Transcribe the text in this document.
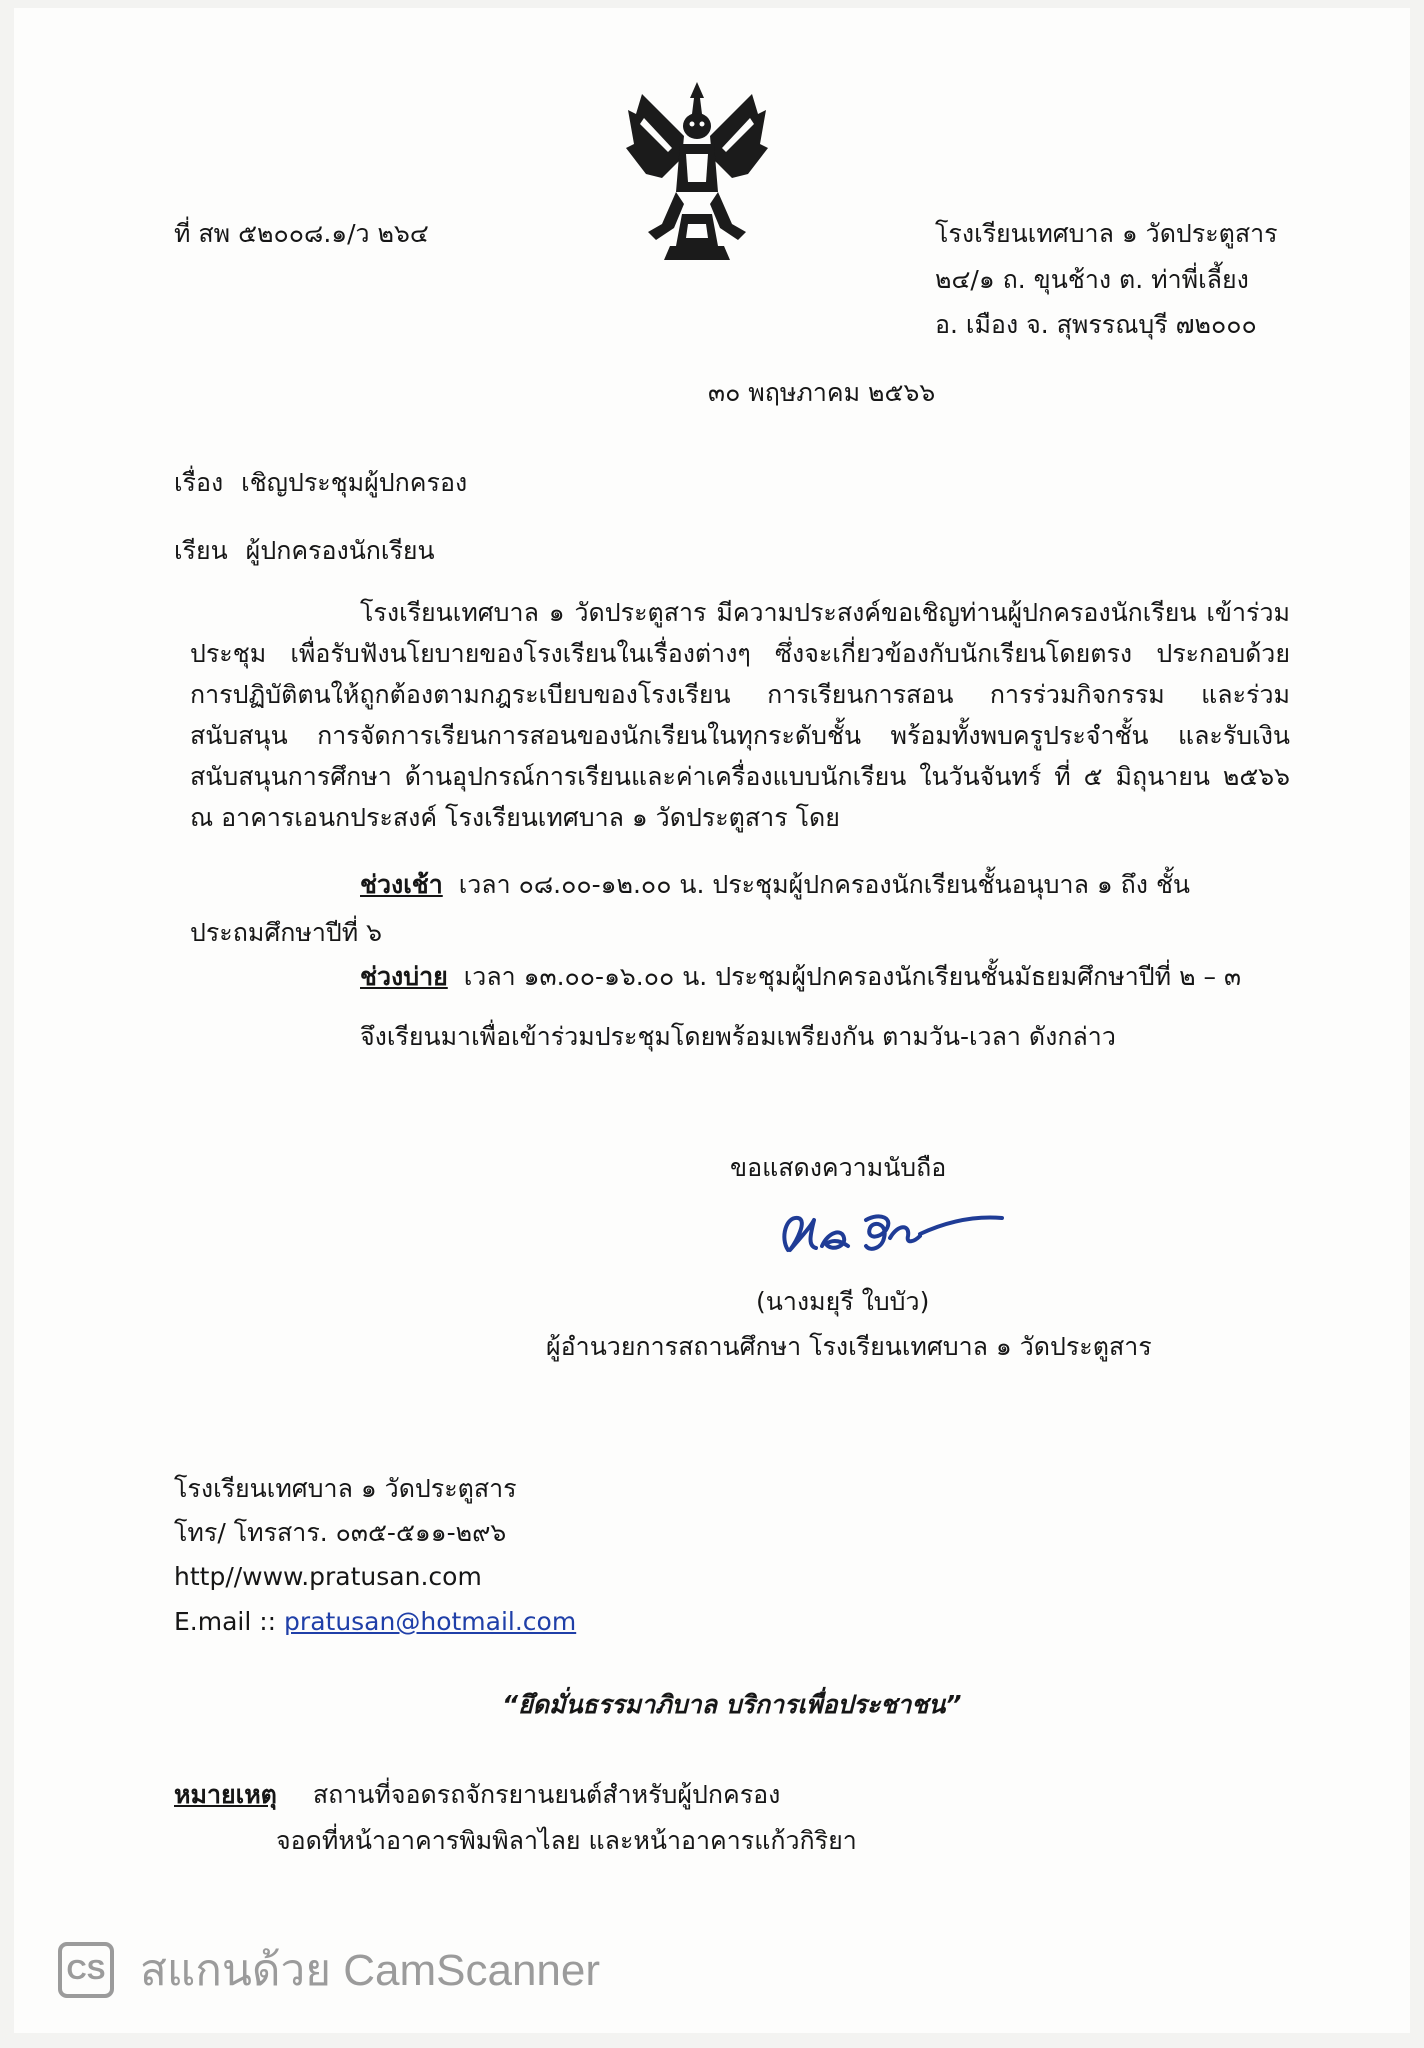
ที่ สพ ๕๒๐๐๘.๑/ว ๒๖๔	โรงเรียนเทศบาล ๑ วัดประตูสาร
๒๔/๑ ถ. ขุนช้าง ต. ท่าพี่เลี้ยง
อ. เมือง จ. สุพรรณบุรี ๗๒๐๐๐
๓๐ พฤษภาคม ๒๕๖๖
เรื่อง เชิญประชุมผู้ปกครอง
เรียน ผู้ปกครองนักเรียน
โรงเรียนเทศบาล ๑ วัดประตูสาร มีความประสงค์ขอเชิญท่านผู้ปกครองนักเรียน เข้าร่วมประชุม เพื่อรับฟังนโยบายของโรงเรียนในเรื่องต่างๆ ซึ่งจะเกี่ยวข้องกับนักเรียนโดยตรง ประกอบด้วย การปฏิบัติตนให้ถูกต้องตามกฎระเบียบของโรงเรียน การเรียนการสอน การร่วมกิจกรรม และร่วมสนับสนุน การจัดการเรียนการสอนของนักเรียนในทุกระดับชั้น พร้อมทั้งพบครูประจำชั้น และรับเงินสนับสนุนการศึกษา ด้านอุปกรณ์การเรียนและค่าเครื่องแบบนักเรียน ในวันจันทร์ ที่ ๕ มิถุนายน ๒๕๖๖ ณ อาคารเอนกประสงค์ โรงเรียนเทศบาล ๑ วัดประตูสาร โดย
ช่วงเช้า เวลา ๐๘.๐๐-๑๒.๐๐ น. ประชุมผู้ปกครองนักเรียนชั้นอนุบาล ๑ ถึง ชั้น
ประถมศึกษาปีที่ ๖
ช่วงบ่าย เวลา ๑๓.๐๐-๑๖.๐๐ น. ประชุมผู้ปกครองนักเรียนชั้นมัธยมศึกษาปีที่ ๒ – ๓
จึงเรียนมาเพื่อเข้าร่วมประชุมโดยพร้อมเพรียงกัน ตามวัน-เวลา ดังกล่าว
ขอแสดงความนับถือ
(นางมยุรี ใบบัว)
ผู้อำนวยการสถานศึกษา โรงเรียนเทศบาล ๑ วัดประตูสาร
โรงเรียนเทศบาล ๑ วัดประตูสาร
โทร/ โทรสาร. ๐๓๕-๕๑๑-๒๙๖
http//www.pratusan.com
E.mail :: pratusan@hotmail.com
“ยึดมั่นธรรมาภิบาล บริการเพื่อประชาชน”
หมายเหตุ สถานที่จอดรถจักรยานยนต์สำหรับผู้ปกครอง
จอดที่หน้าอาคารพิมพิลาไลย และหน้าอาคารแก้วกิริยา
CS สแกนด้วย CamScanner
